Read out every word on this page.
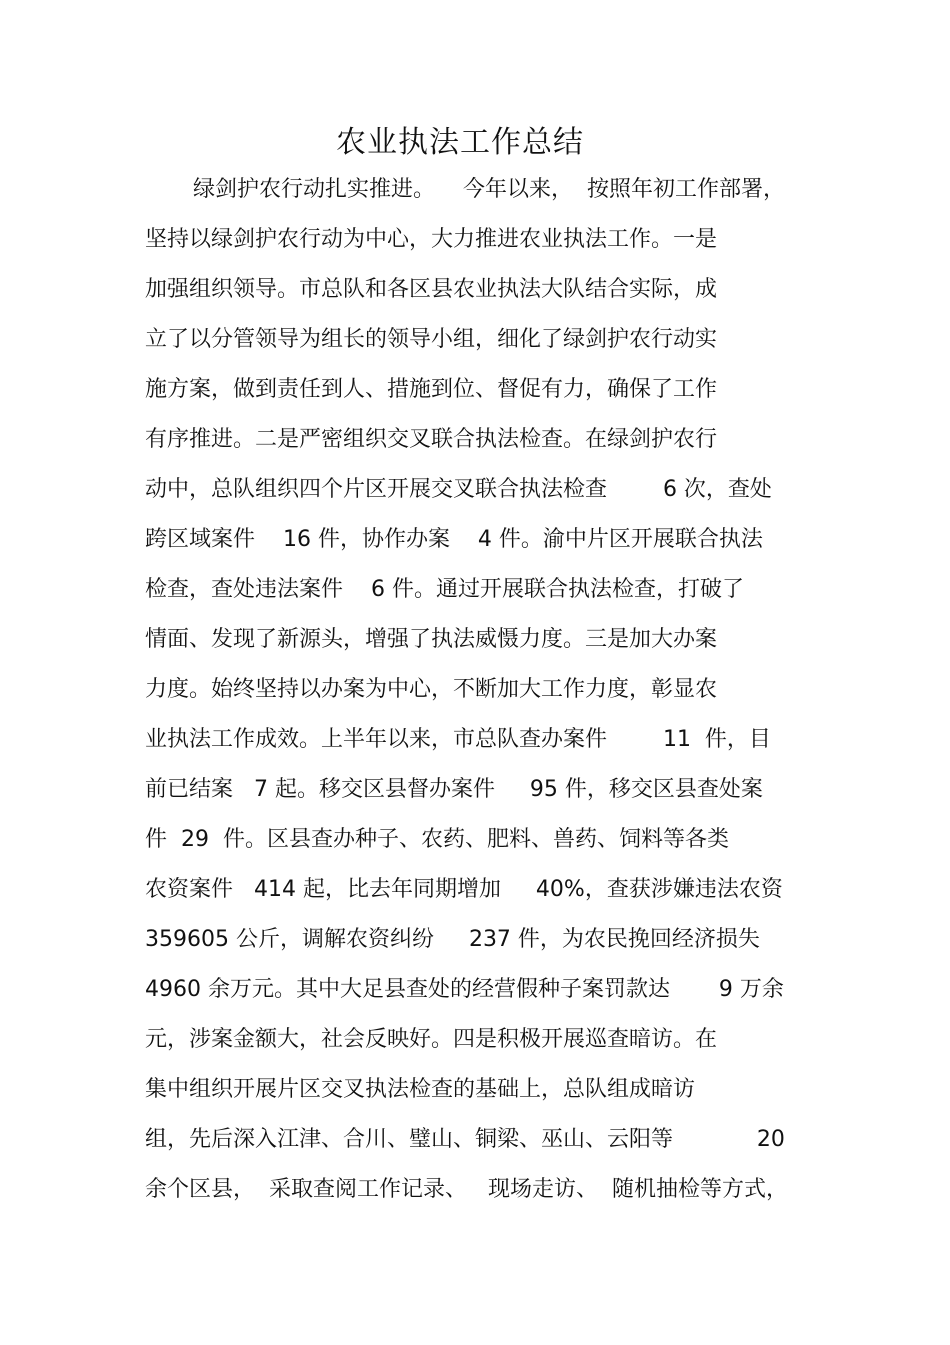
农业执法工作总结
绿剑护农行动扎实推进。    今年以来，  按照年初工作部署，
坚持以绿剑护农行动为中心，大力推进农业执法工作。一是
加强组织领导。市总队和各区县农业执法大队结合实际，成
立了以分管领导为组长的领导小组，细化了绿剑护农行动实
施方案，做到责任到人、措施到位、督促有力，确保了工作
有序推进。二是严密组织交叉联合执法检查。在绿剑护农行
动中，总队组织四个片区开展交叉联合执法检查        6 次，查处
跨区域案件    16 件，协作办案    4 件。渝中片区开展联合执法
检查，查处违法案件    6 件。通过开展联合执法检查，打破了
情面、发现了新源头，增强了执法威慑力度。三是加大办案
力度。始终坚持以办案为中心，不断加大工作力度，彰显农
业执法工作成效。上半年以来，市总队查办案件        11  件，目
前已结案   7 起。移交区县督办案件     95 件，移交区县查处案
件  29  件。区县查办种子、农药、肥料、兽药、饲料等各类
农资案件   414 起，比去年同期增加     40%，查获涉嫌违法农资
359605 公斤，调解农资纠纷     237 件，为农民挽回经济损失
4960 余万元。其中大足县查处的经营假种子案罚款达       9 万余
元，涉案金额大，社会反映好。四是积极开展巡查暗访。在
集中组织开展片区交叉执法检查的基础上，总队组成暗访
组，先后深入江津、合川、璧山、铜梁、巫山、云阳等            20
余个区县，  采取查阅工作记录、   现场走访、  随机抽检等方式，
